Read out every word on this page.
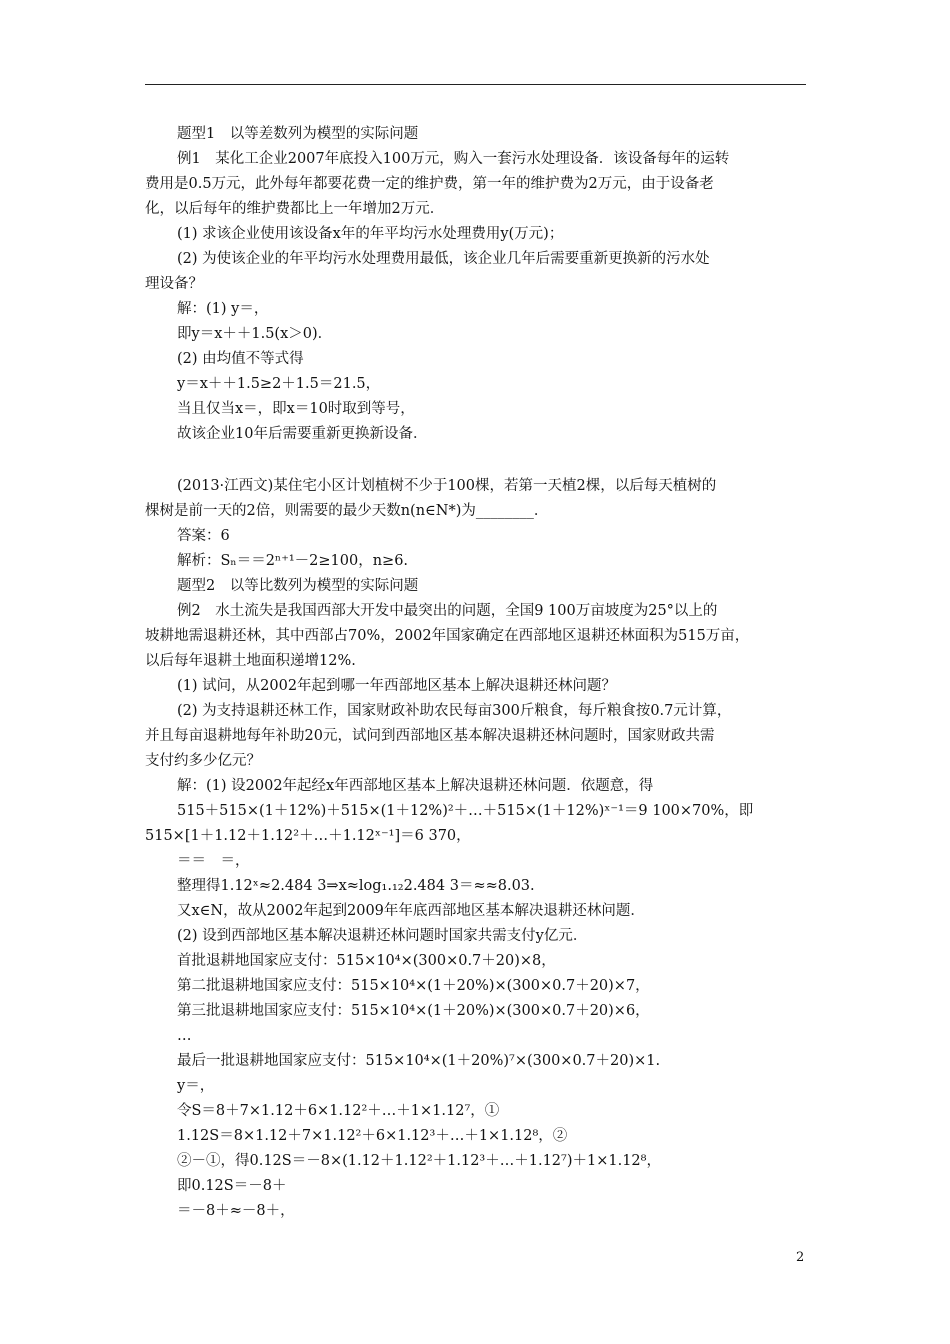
题型1　以等差数列为模型的实际问题
例1　某化工企业2007年底投入100万元，购入一套污水处理设备．该设备每年的运转
费用是0.5万元，此外每年都要花费一定的维护费，第一年的维护费为2万元，由于设备老
化，以后每年的维护费都比上一年增加2万元．
(1) 求该企业使用该设备x年的年平均污水处理费用y(万元)；
(2) 为使该企业的年平均污水处理费用最低，该企业几年后需要重新更换新的污水处
理设备？
解：(1) y＝，
即y＝x＋＋1.5(x＞0)．
(2) 由均值不等式得
y＝x＋＋1.5≥2＋1.5＝21.5，
当且仅当x＝，即x＝10时取到等号，
故该企业10年后需要重新更换新设备．
(2013·江西文)某住宅小区计划植树不少于100棵，若第一天植2棵，以后每天植树的
棵树是前一天的2倍，则需要的最少天数n(n∈N*)为________．
答案：6
解析：Sₙ＝＝2ⁿ⁺¹－2≥100，n≥6.
题型2　以等比数列为模型的实际问题
例2　水土流失是我国西部大开发中最突出的问题，全国9 100万亩坡度为25°以上的
坡耕地需退耕还林，其中西部占70%，2002年国家确定在西部地区退耕还林面积为515万亩，
以后每年退耕土地面积递增12%.
(1) 试问，从2002年起到哪一年西部地区基本上解决退耕还林问题？
(2) 为支持退耕还林工作，国家财政补助农民每亩300斤粮食，每斤粮食按0.7元计算，
并且每亩退耕地每年补助20元，试问到西部地区基本解决退耕还林问题时，国家财政共需
支付约多少亿元？
解：(1) 设2002年起经x年西部地区基本上解决退耕还林问题．依题意，得
515＋515×(1＋12%)＋515×(1＋12%)²＋…＋515×(1＋12%)ˣ⁻¹＝9 100×70%，即
515×[1＋1.12＋1.12²＋…＋1.12ˣ⁻¹]＝6 370，
＝＝　＝，
整理得1.12ˣ≈2.484 3⇒x≈log₁.₁₂2.484 3＝≈≈8.03.
又x∈N，故从2002年起到2009年年底西部地区基本解决退耕还林问题．
(2) 设到西部地区基本解决退耕还林问题时国家共需支付y亿元．
首批退耕地国家应支付：515×10⁴×(300×0.7＋20)×8，
第二批退耕地国家应支付：515×10⁴×(1＋20%)×(300×0.7＋20)×7，
第三批退耕地国家应支付：515×10⁴×(1＋20%)×(300×0.7＋20)×6，
…
最后一批退耕地国家应支付：515×10⁴×(1＋20%)⁷×(300×0.7＋20)×1.
y＝，
令S＝8＋7×1.12＋6×1.12²＋…＋1×1.12⁷，①
1.12S＝8×1.12＋7×1.12²＋6×1.12³＋…＋1×1.12⁸，②
②－①，得0.12S＝－8×(1.12＋1.12²＋1.12³＋…＋1.12⁷)＋1×1.12⁸，
即0.12S＝－8＋
＝－8＋≈－8＋，
2
